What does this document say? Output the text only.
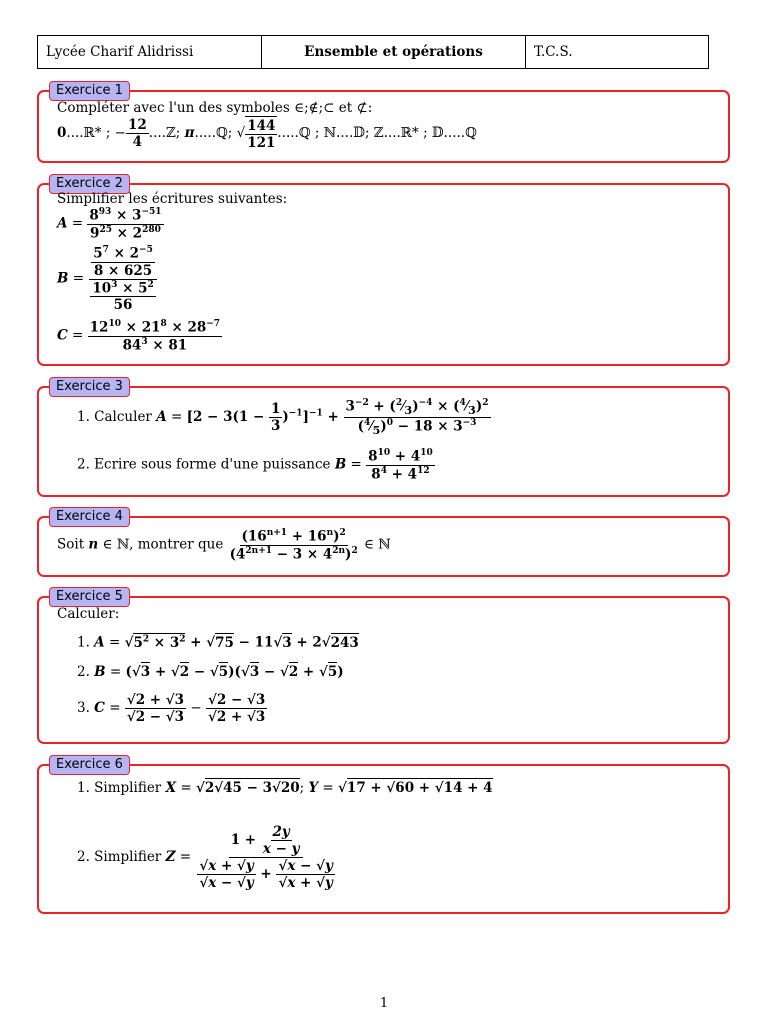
Lycée Charif Alidrissi	Ensemble et opérations	T.C.S.
Exercice 1
Compléter avec l'un des symboles ∈;∉;⊂ et ⊄:
0....ℝ* ; − $\frac{12}{4}$ ....ℤ; π.....ℚ; √ $\frac{144}{121}$ .....ℚ ; ℕ....𝔻; ℤ....ℝ* ; 𝔻.....ℚ
Exercice 2
Simplifier les écritures suivantes:
$A = \frac{8^{93} \times 3^{-51}}{9^{25} \times 2^{280}}$
$B = \frac{\frac{5^7 \times 2^{-5}}{8 \times 625}}{\frac{10^3 \times 5^2}{56}}$
$C = \frac{12^{10} \times 21^8 \times 28^{-7}}{84^3 \times 81}$
Exercice 3
1. Calculer $A = [2 - 3(1 - \frac{1}{3} )^{-1}]^{-1} + \frac{3^{-2} + (^2⁄_3)^{-4} \times (^4⁄_3)^2}{(^4⁄_5)^0 - 18 \times 3^{-3}}$
2. Ecrire sous forme d'une puissance $B = \frac{8^{10} + 4^{10}}{8^4 + 4^{12}}$
Exercice 4
Soit n ∈ ℕ, montrer que $\frac{(16^{n+1} + 16^n)^2}{(4^{2n+1} - 3 \times 4^{2n})^2}$ ∈ ℕ
Exercice 5
Calculer:
1. $A = √5^2 \times 3^2 + √75 - 11√3 + 2√243$
2. B = (√3 + √2 − √5)(√3 − √2 + √5)
3. $C = \frac{√2 + √3}{√2 - √3} - \frac{√2 - √3}{√2 + √3}$
Exercice 6
1. Simplifier X = √2√45 − 3√20; Y = √17 + √60 + √14 + 4
2. Simplifier $Z = \frac{1 + \frac{2y}{x - y}}{\frac{√x + √y}{√x - √y} + \frac{√x - √y}{√x + √y}}$
1
